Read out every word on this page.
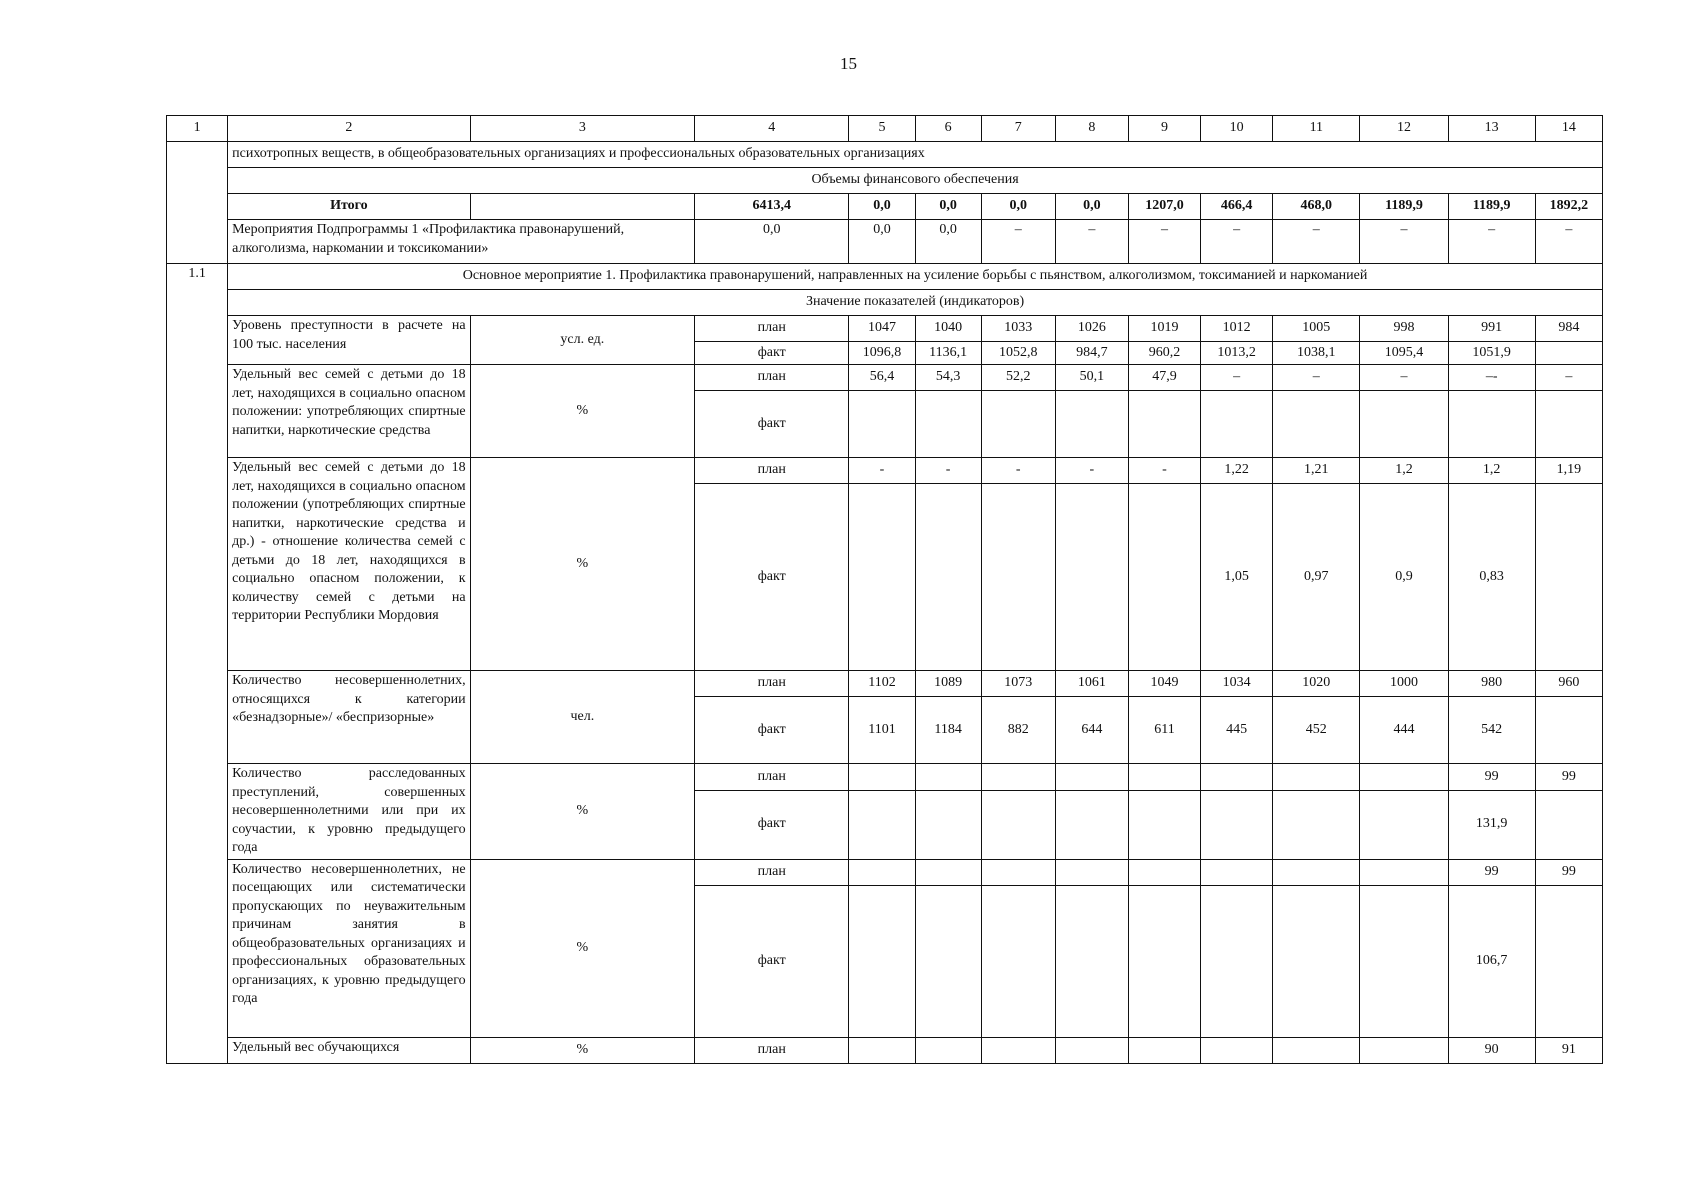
15
1	2	3	4	5	6	7	8	9	10	11	12	13	14
	психотропных веществ, в общеобразовательных организациях и профессиональных образовательных организациях												
	Объемы финансового обеспечения												
	Итого		6413,4	0,0	0,0	0,0	0,0	1207,0	466,4	468,0	1189,9	1189,9	1892,2
	Мероприятия Подпрограммы 1 «Профилактика правонарушений, алкоголизма, наркомании и токсикомании»		0,0	0,0	0,0	–	–	–	–	–	–	–	–
1.1	Основное мероприятие 1. Профилактика правонарушений, направленных на усиление борьбы с пьянством, алкоголизмом, токсиманией и наркоманией												
	Значение показателей (индикаторов)												
	Уровень преступности в расчете на 100 тыс. населения	усл. ед.	план	1047	1040	1033	1026	1019	1012	1005	998	991	984
			факт	1096,8	1136,1	1052,8	984,7	960,2	1013,2	1038,1	1095,4	1051,9	
	Удельный вес семей с детьми до 18 лет, находящихся в социально опасном положении: употребляющих спиртные напитки, наркотические средства	%	план	56,4	54,3	52,2	50,1	47,9	–	–	–	–-	–
			факт										
	Удельный вес семей с детьми до 18 лет, находящихся в социально опасном положении (употребляющих спиртные напитки, наркотические средства и др.) - отношение количества семей с детьми до 18 лет, находящихся в социально опасном положении, к количеству семей с детьми на территории Республики Мордовия	%	план	-	-	-	-	-	1,22	1,21	1,2	1,2	1,19
			факт						1,05	0,97	0,9	0,83	
	Количество несовершеннолетних, относящихся к категории «безнадзорные»/ «беспризорные»	чел.	план	1102	1089	1073	1061	1049	1034	1020	1000	980	960
			факт	1101	1184	882	644	611	445	452	444	542	
	Количество расследованных преступлений, совершенных несовершеннолетними или при их соучастии, к уровню предыдущего года	%	план									99	99
			факт									131,9	
	Количество несовершеннолетних, не посещающих или систематически пропускающих по неуважительным причинам занятия в общеобразовательных организациях и профессиональных образовательных организациях, к уровню предыдущего года	%	план									99	99
			факт									106,7	
	Удельный вес обучающихся	%	план									90	91
